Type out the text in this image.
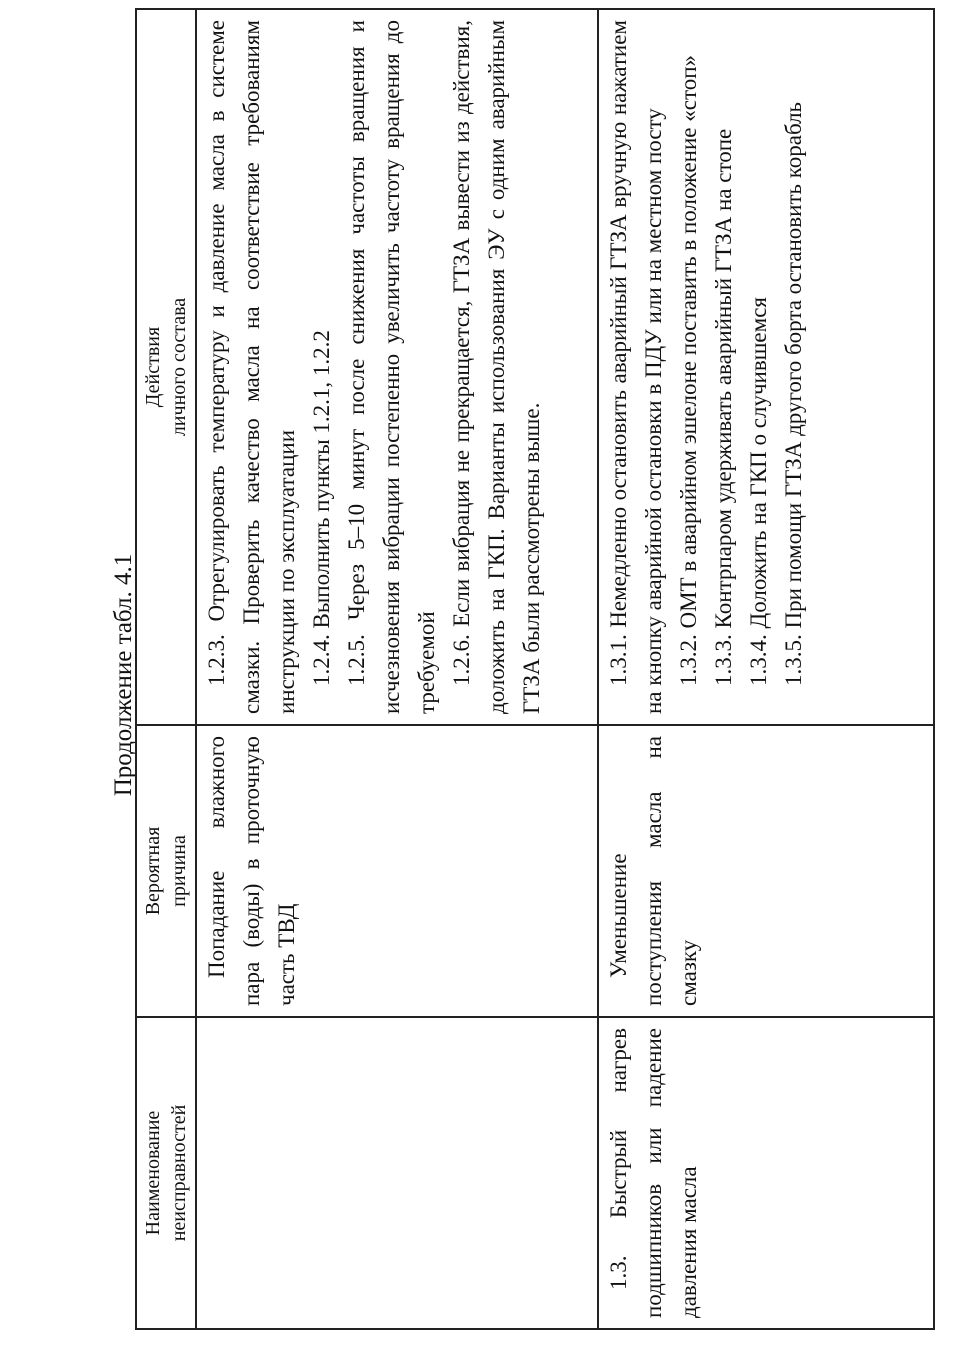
Продолжение табл. 4.1
Наименование неисправностей	Вероятная причина	Действия личного состава

	Попадание влажного пара (воды) в проточную часть ТВД	1.2.3. Отрегулировать температуру и давление масла в системе смазки. Проверить качество масла на соответствие требованиям инструкции по эксплуатации 1.2.4. Выполнить пункты 1.2.1, 1.2.2 1.2.5. Через 5–10 минут после снижения частоты вращения и исчезновения вибрации постепенно увеличить частоту вращения до требуемой 1.2.6. Если вибрация не прекращается, ГТЗА вывести из действия, доложить на ГКП. Варианты использования ЭУ с одним аварийным ГТЗА были рассмотрены выше.

1.3. Быстрый нагрев подшипников или падение давления масла	Уменьшение поступления масла на смазку	1.3.1. Немедленно остановить аварийный ГТЗА вручную нажатием на кнопку аварийной остановки в ПДУ или на местном посту 1.3.2. ОМТ в аварийном эшелоне поставить в положение «стоп» 1.3.3. Контрпаром удерживать аварийный ГТЗА на стопе 1.3.4. Доложить на ГКП о случившемся 1.3.5. При помощи ГТЗА другого борта остановить корабль
